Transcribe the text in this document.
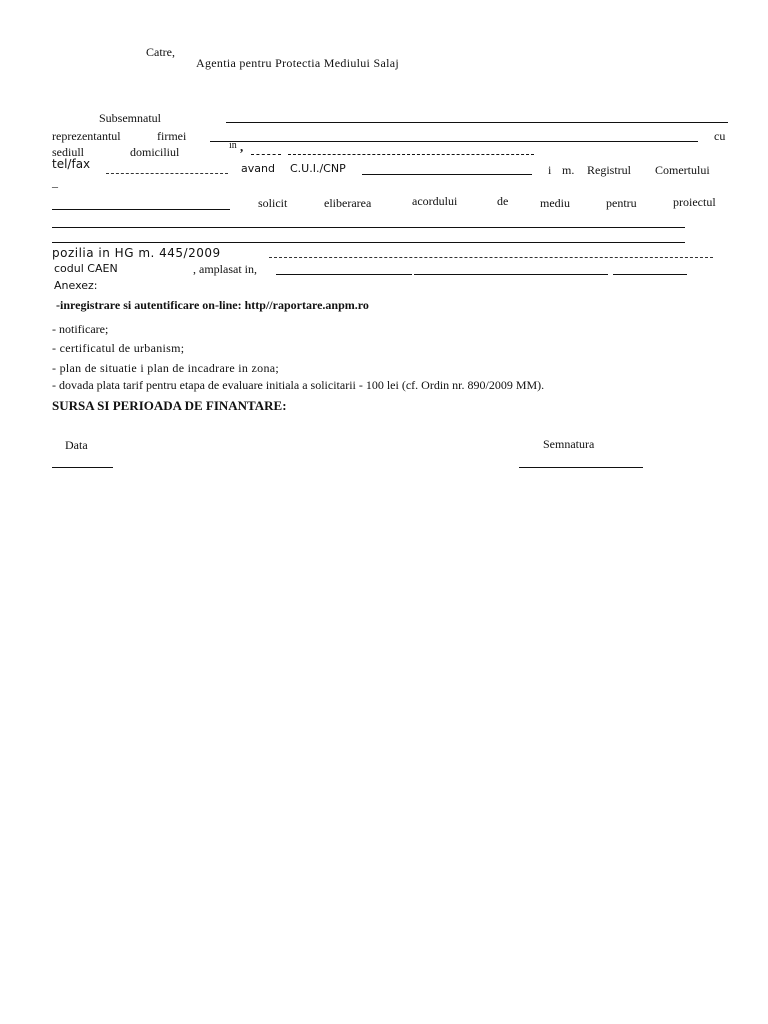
Catre,
Agentia pentru Protectia Mediului Salaj
Subsemnatul
reprezentantul	firmei	cu
sediull	domiciliul	in ,
tel/fax	avand C.U.I./CNP	i m. Registrul Comertului
–
solicit	eliberarea	acordului	de	mediu	pentru	proiectul
pozilia in HG m. 445/2009
codul CAEN	, amplasat in,
Anexez:
-inregistrare si autentificare on-line: http//raportare.anpm.ro
- notificare;
- certificatul de urbanism;
- plan de situatie i plan de incadrare in zona;
- dovada plata tarif pentru etapa de evaluare initiala a solicitarii - 100 lei (cf. Ordin nr. 890/2009 MM).
SURSA SI PERIOADA DE FINANTARE:
Data	Semnatura
